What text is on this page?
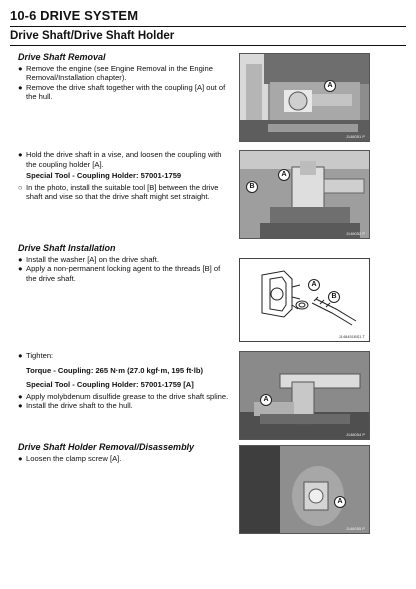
10-6 DRIVE SYSTEM
Drive Shaft/Drive Shaft Holder
Drive Shaft Removal
● Remove the engine (see Engine Removal in the Engine Removal/Installation chapter).
● Remove the drive shaft together with the coupling [A] out of the hull.
● Hold the drive shaft in a vise, and loosen the coupling with the coupling holder [A].
Special Tool - Coupling Holder: 57001-1759
○ In the photo, install the suitable tool [B] between the drive shaft and vise so that the drive shaft might set straight.
Drive Shaft Installation
● Install the washer [A] on the drive shaft.
● Apply a non-permanent locking agent to the threads [B] of the drive shaft.
● Tighten:
Torque - Coupling: 265 N·m (27.0 kgf·m, 195 ft·lb)
Special Tool - Coupling Holder: 57001-1759 [A]
● Apply molybdenum disulfide grease to the drive shaft spline.
● Install the drive shaft to the hull.
Drive Shaft Holder Removal/Disassembly
● Loosen the clamp screw [A].
A
J148051 P
A
B
J148052 P
A
B
J148451BS1 T
A
J148054 P
A
J148055 P
